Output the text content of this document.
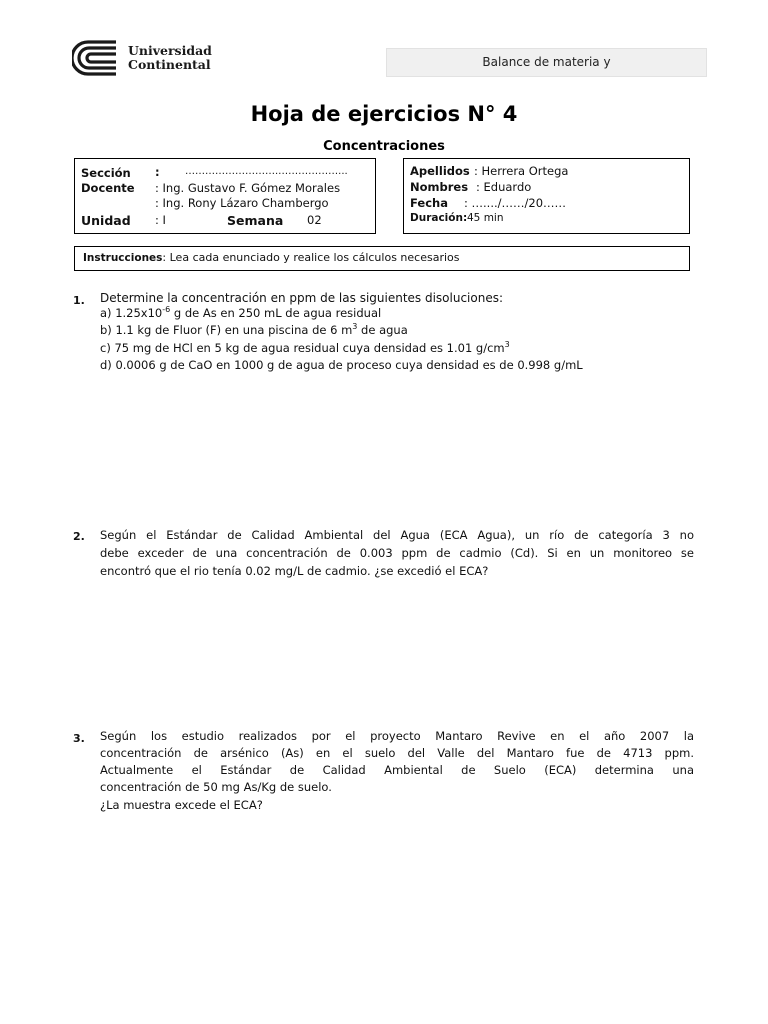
Universidad
Continental	Balance de materia y
Hoja de ejercicios N° 4
Concentraciones
Sección :	……………………….………………...
Docente : Ing. Gustavo F. Gómez Morales
: Ing. Rony Lázaro Chambergo
Unidad : I	Semana 02
Apellidos : Herrera Ortega
Nombres : Eduardo
Fecha : …..../……/20……
Duración: 45 min
Instrucciones: Lea cada enunciado y realice los cálculos necesarios
1. Determine la concentración en ppm de las siguientes disoluciones:
a) $1.25x10^{-6}$ g de As en 250 mL de agua residual
b) 1.1 kg de Fluor (F) en una piscina de 6 $m^3$ de agua
c) 75 mg de HCl en 5 kg de agua residual cuya densidad es 1.01 $g/cm^3$
d) 0.0006 g de CaO en 1000 g de agua de proceso cuya densidad es de 0.998 g/mL
2. Según el Estándar de Calidad Ambiental del Agua (ECA Agua), un río de categoría 3 no
debe exceder de una concentración de 0.003 ppm de cadmio (Cd). Si en un monitoreo se
encontró que el rio tenía 0.02 mg/L de cadmio. ¿se excedió el ECA?
3. Según los estudio realizados por el proyecto Mantaro Revive en el año 2007 la
concentración de arsénico (As) en el suelo del Valle del Mantaro fue de 4713 ppm.
Actualmente el Estándar de Calidad Ambiental de Suelo (ECA) determina una
concentración de 50 mg As/Kg de suelo.
¿La muestra excede el ECA?
